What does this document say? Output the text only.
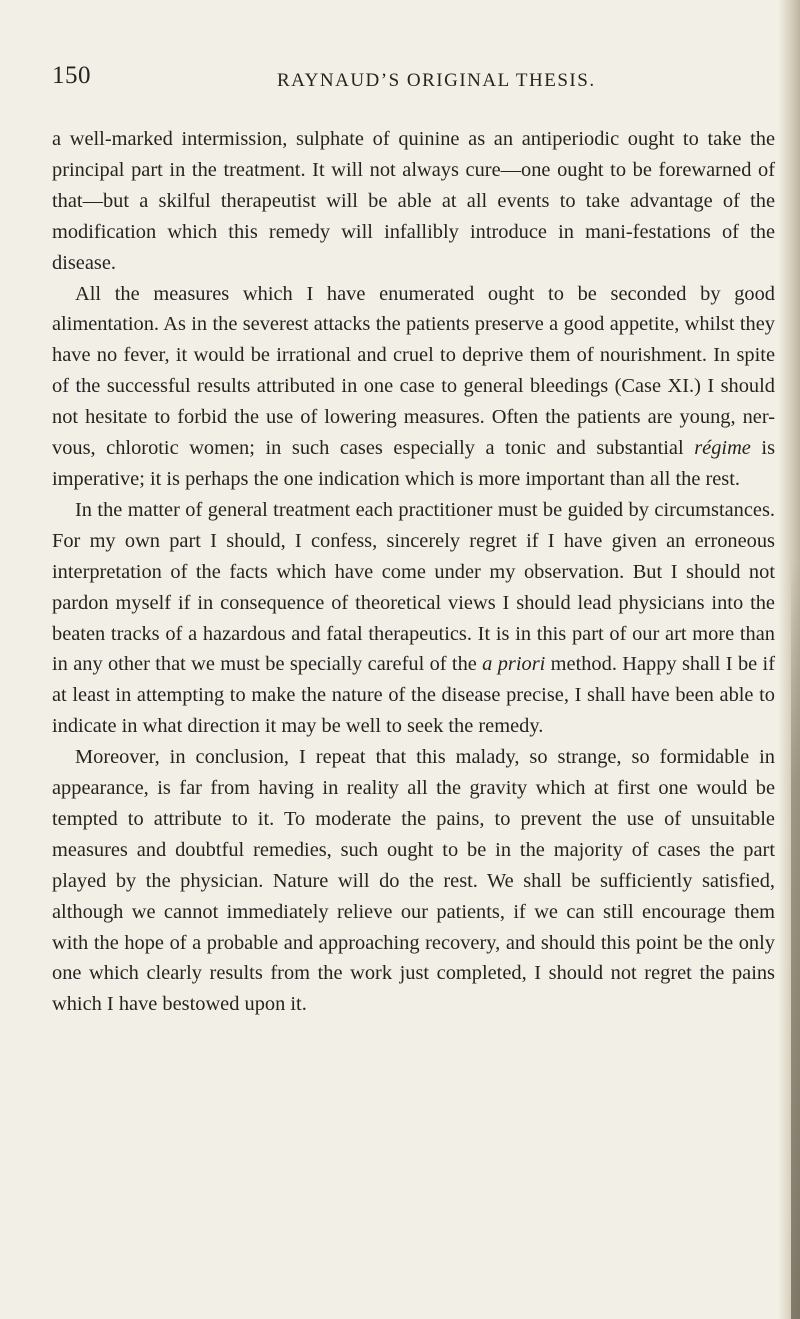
150	RAYNAUD’S ORIGINAL THESIS.

a well-marked intermission, sulphate of quinine as an antiperiodic ought to take the principal part in the treatment. It will not always cure—one ought to be forewarned of that—but a skilful therapeutist will be able at all events to take advantage of the modification which this remedy will infallibly introduce in mani-festations of the disease.

All the measures which I have enumerated ought to be seconded by good alimentation. As in the severest attacks the patients preserve a good appetite, whilst they have no fever, it would be irrational and cruel to deprive them of nourishment. In spite of the successful results attributed in one case to general bleedings (Case XI.) I should not hesitate to forbid the use of lowering measures. Often the patients are young, ner-vous, chlorotic women; in such cases especially a tonic and substantial régime is imperative; it is perhaps the one indication which is more important than all the rest.

In the matter of general treatment each practitioner must be guided by circumstances. For my own part I should, I confess, sincerely regret if I have given an erroneous interpretation of the facts which have come under my observation. But I should not pardon myself if in consequence of theoretical views I should lead physicians into the beaten tracks of a hazardous and fatal therapeutics. It is in this part of our art more than in any other that we must be specially careful of the a priori method. Happy shall I be if at least in attempting to make the nature of the disease precise, I shall have been able to indicate in what direction it may be well to seek the remedy.

Moreover, in conclusion, I repeat that this malady, so strange, so formidable in appearance, is far from having in reality all the gravity which at first one would be tempted to attribute to it. To moderate the pains, to prevent the use of unsuitable measures and doubtful remedies, such ought to be in the majority of cases the part played by the physician. Nature will do the rest. We shall be sufficiently satisfied, although we cannot immediately relieve our patients, if we can still encourage them with the hope of a probable and approaching recovery, and should this point be the only one which clearly results from the work just completed, I should not regret the pains which I have bestowed upon it.
